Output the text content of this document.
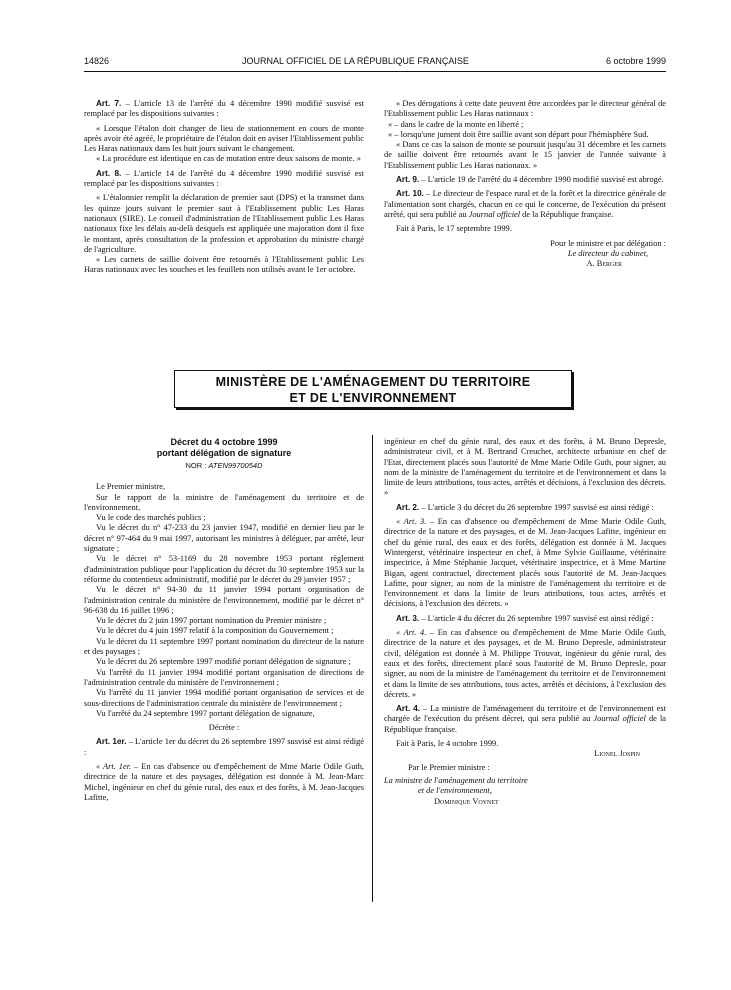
14826	JOURNAL OFFICIEL DE LA RÉPUBLIQUE FRANÇAISE	6 octobre 1999

Art. 7. – L'article 13 de l'arrêté du 4 décembre 1990 modifié susvisé est remplacé par les dispositions suivantes :

« Lorsque l'étalon doit changer de lieu de stationnement en cours de monte après avoir été agréé, le propriétaire de l'étalon doit en aviser l'Etablissement public Les Haras nationaux dans les huit jours suivant le changement.

« La procédure est identique en cas de mutation entre deux saisons de monte. »

Art. 8. – L'article 14 de l'arrêté du 4 décembre 1990 modifié susvisé est remplacé par les dispositions suivantes :

« L'étalonnier remplit la déclaration de premier saut (DPS) et la transmet dans les quinze jours suivant le premier saut à l'Etablissement public Les Haras nationaux (SIRE). Le conseil d'administration de l'Etablissement public Les Haras nationaux fixe les délais au-delà desquels est appliquée une majoration dont il fixe le montant, après consultation de la profession et approbation du ministre chargé de l'agriculture.

« Les carnets de saillie doivent être retournés à l'Etablissement public Les Haras nationaux avec les souches et les feuillets non utilisés avant le 1er octobre.

« Des dérogations à cette date peuvent être accordées par le directeur général de l'Etablissement public Les Haras nationaux :

« – dans le cadre de la monte en liberté ;

« – lorsqu'une jument doit être saillie avant son départ pour l'hémisphère Sud.

« Dans ce cas la saison de monte se poursuit jusqu'au 31 décembre et les carnets de saillie doivent être retournés avant le 15 janvier de l'année suivante à l'Etablissement public Les Haras nationaux. »

Art. 9. – L'article 19 de l'arrêté du 4 décembre 1990 modifié susvisé est abrogé.

Art. 10. – Le directeur de l'espace rural et de la forêt et la directrice générale de l'alimentation sont chargés, chacun en ce qui le concerne, de l'exécution du présent arrêté, qui sera publié au Journal officiel de la République française.

Fait à Paris, le 17 septembre 1999.

Pour le ministre et par délégation :

Le directeur du cabinet,

A. Berger

MINISTÈRE DE L'AMÉNAGEMENT DU TERRITOIRE
ET DE L'ENVIRONNEMENT
Décret du 4 octobre 1999
portant délégation de signature
NOR : ATEN9970054D

Le Premier ministre,

Sur le rapport de la ministre de l'aménagement du territoire et de l'environnement,

Vu le code des marchés publics ;

Vu le décret du n° 47-233 du 23 janvier 1947, modifié en dernier lieu par le décret n° 97-464 du 9 mai 1997, autorisant les ministres à déléguer, par arrêté, leur signature ;

Vu le décret n° 53-1169 du 28 novembre 1953 portant règlement d'administration publique pour l'application du décret du 30 septembre 1953 sur la réforme du contentieux administratif, modifié par le décret du 29 janvier 1957 ;

Vu le décret n° 94-30 du 11 janvier 1994 portant organisation de l'administration centrale du ministère de l'environnement, modifié par le décret n° 96-638 du 16 juillet 1996 ;

Vu le décret du 2 juin 1997 portant nomination du Premier ministre ;

Vu le décret du 4 juin 1997 relatif à la composition du Gouvernement ;

Vu le décret du 11 septembre 1997 portant nomination du directeur de la nature et des paysages ;

Vu le décret du 26 septembre 1997 modifié portant délégation de signature ;

Vu l'arrêté du 11 janvier 1994 modifié portant organisation de directions de l'administration centrale du ministère de l'environnement ;

Vu l'arrêté du 11 janvier 1994 modifié portant organisation de services et de sous-directions de l'administration centrale du ministère de l'environnement ;

Vu l'arrêté du 24 septembre 1997 portant délégation de signature,

Décrète :

Art. 1er. – L'article 1er du décret du 26 septembre 1997 susvisé est ainsi rédigé :

« Art. 1er. – En cas d'absence ou d'empêchement de Mme Marie Odile Guth, directrice de la nature et des paysages, délégation est donnée à M. Jean-Marc Michel, ingénieur en chef du génie rural, des eaux et des forêts, à M. Jean-Jacques Lafitte,

ingénieur en chef du génie rural, des eaux et des forêts, à M. Bruno Depresle, administrateur civil, et à M. Bertrand Creuchet, architecte urbaniste en chef de l'Etat, directement placés sous l'autorité de Mme Marie Odile Guth, pour signer, au nom de la ministre de l'aménagement du territoire et de l'environnement et dans la limite de leurs attributions, tous actes, arrêtés et décisions, à l'exclusion des décrets. »

Art. 2. – L'article 3 du décret du 26 septembre 1997 susvisé est ainsi rédigé :

« Art. 3. – En cas d'absence ou d'empêchement de Mme Marie Odile Guth, directrice de la nature et des paysages, et de M. Jean-Jacques Lafitte, ingénieur en chef du génie rural, des eaux et des forêts, délégation est donnée à M. Jacques Wintergerst, vétérinaire inspecteur en chef, à Mme Sylvie Guillaume, vétérinaire inspectrice, à Mme Stéphanie Jacquet, vétérinaire inspectrice, et à Mme Martine Bigan, agent contractuel, directement placés sous l'autorité de M. Jean-Jacques Lafitte, pour signer, au nom de la ministre de l'aménagement du territoire et de l'environnement et dans la limite de leurs attributions, tous actes, arrêtés et décisions, à l'exclusion des décrets. »

Art. 3. – L'article 4 du décret du 26 septembre 1997 susvisé est ainsi rédigé :

« Art. 4. – En cas d'absence ou d'empêchement de Mme Marie Odile Guth, directrice de la nature et des paysages, et de M. Bruno Depresle, administrateur civil, délégation est donnée à M. Philippe Trouvat, ingénieur du génie rural, des eaux et des forêts, directement placé sous l'autorité de M. Bruno Depresle, pour signer, au nom de la ministre de l'aménagement du territoire et de l'environnement et dans la limite de ses attributions, tous actes, arrêtés et décisions, à l'exclusion des décrets. »

Art. 4. – La ministre de l'aménagement du territoire et de l'environnement est chargée de l'exécution du présent décret, qui sera publié au Journal officiel de la République française.

Fait à Paris, le 4 octobre 1999.

Lionel Jospin

Par le Premier ministre :

La ministre de l'aménagement du territoire

et de l'environnement,

Dominique Voynet
